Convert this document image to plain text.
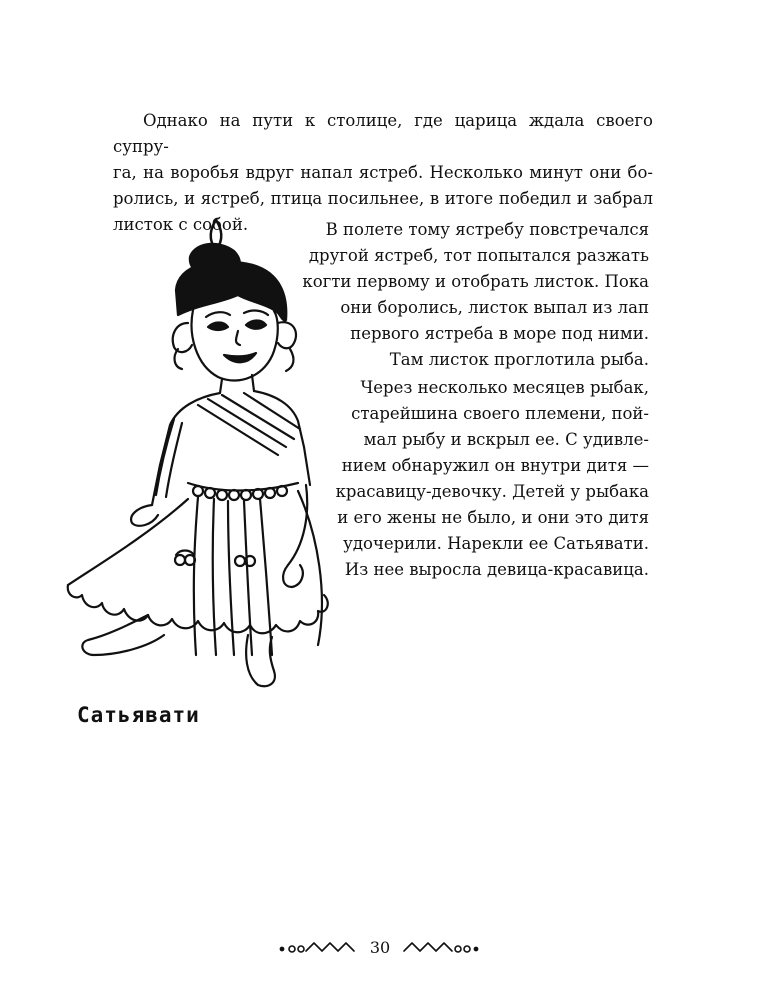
Однако на пути к столице, где царица ждала своего супру-
га, на воробья вдруг напал ястреб. Несколько минут они бо-
ролись, и ястреб, птица посильнее, в итоге победил и забрал
листок с собой.	В полете тому ястребу повстречался
другой ястреб, тот попытался разжать
когти первому и отобрать листок. Пока
они боролись, листок выпал из лап
первого ястреба в море под ними.
Там листок проглотила рыба.
Через несколько месяцев рыбак,
старейшина своего племени, пой-
мал рыбу и вскрыл ее. С удивле-
нием обнаружил он внутри дитя —
красавицу-девочку. Детей у рыбака
и его жены не было, и они это дитя
удочерили. Нарекли ее Сатьявати.
Из нее выросла девица-красавица.
Сатьявати
30
